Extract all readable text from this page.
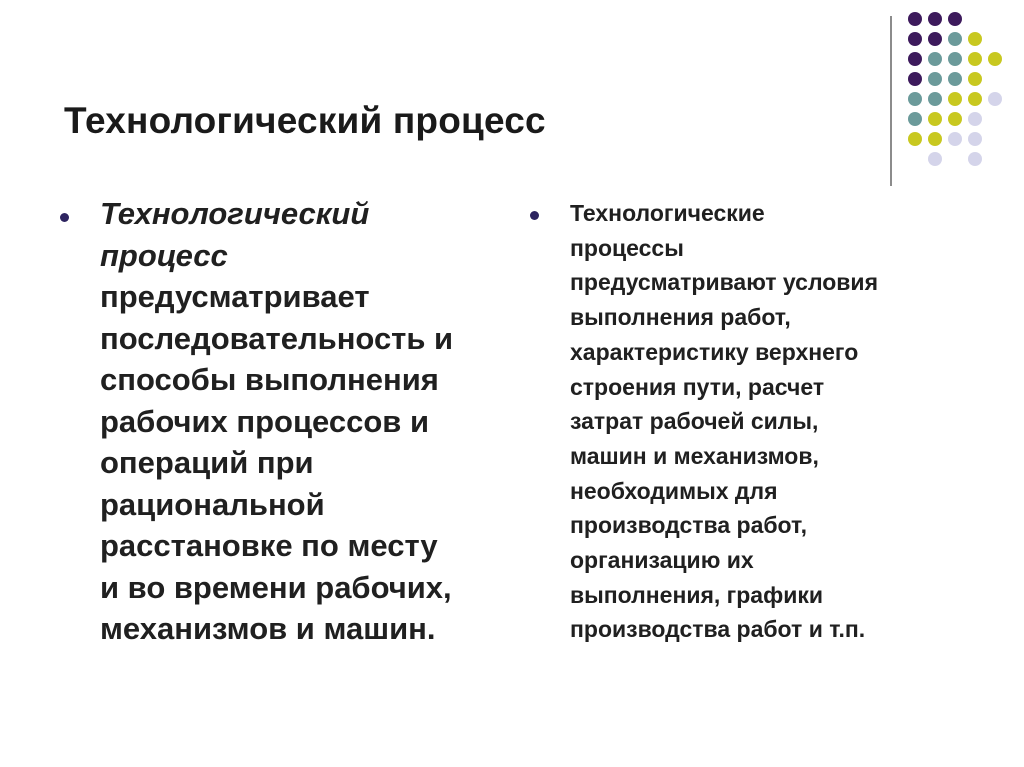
Технологический процесс
Технологический
процесс
предусматривает
последовательность и
способы выполнения
рабочих процессов и
операций при
рациональной
расстановке по месту
и во времени рабочих,
механизмов и машин.
Технологические
процессы
предусматривают условия
выполнения работ,
характеристику верхнего
строения пути, расчет
затрат рабочей силы,
машин и механизмов,
необходимых для
производства работ,
организацию их
выполнения, графики
производства работ и т.п.
